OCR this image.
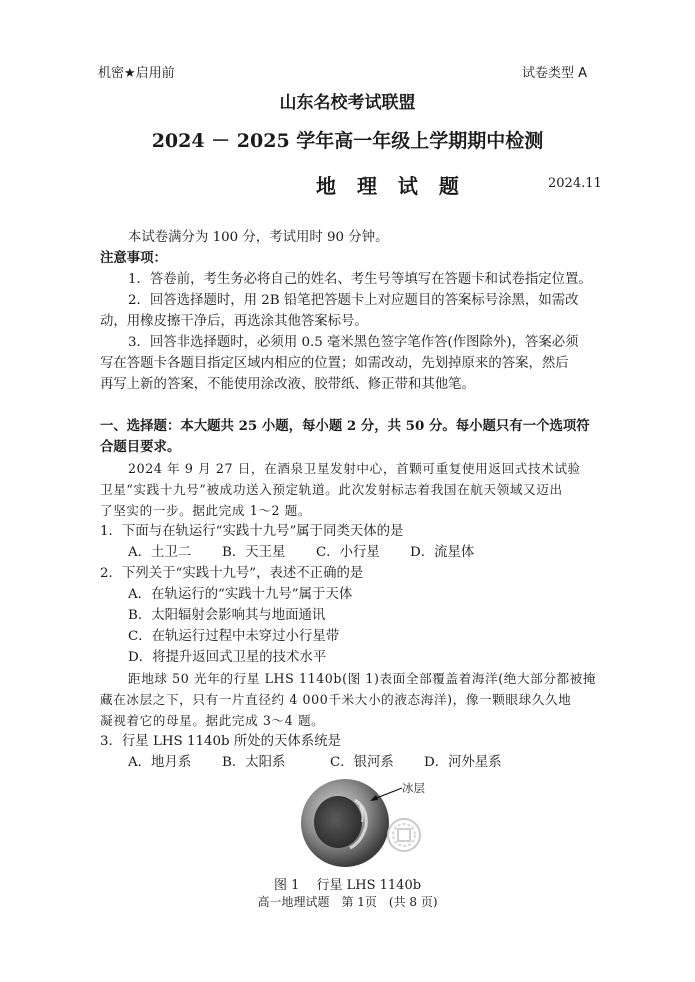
机密★启用前	试卷类型 A
山东名校考试联盟
2024 － 2025 学年高一年级上学期期中检测
地 理 试 题	2024.11
本试卷满分为 100 分，考试用时 90 分钟。
注意事项：
1．答卷前，考生务必将自己的姓名、考生号等填写在答题卡和试卷指定位置。
2．回答选择题时，用 2B 铅笔把答题卡上对应题目的答案标号涂黑，如需改
动，用橡皮擦干净后，再选涂其他答案标号。
3．回答非选择题时，必须用 0.5 毫米黑色签字笔作答(作图除外)，答案必须
写在答题卡各题目指定区域内相应的位置；如需改动，先划掉原来的答案，然后
再写上新的答案，不能使用涂改液、胶带纸、修正带和其他笔。
一、选择题：本大题共 25 小题，每小题 2 分，共 50 分。每小题只有一个选项符
合题目要求。
2024 年 9 月 27 日，在酒泉卫星发射中心，首颗可重复使用返回式技术试验
卫星“实践十九号”被成功送入预定轨道。此次发射标志着我国在航天领域又迈出
了坚实的一步。据此完成 1～2 题。
1．下面与在轨运行“实践十九号”属于同类天体的是
A．土卫二 B．天王星 C．小行星 D．流星体
2．下列关于“实践十九号”，表述不正确的是
A．在轨运行的“实践十九号”属于天体
B．太阳辐射会影响其与地面通讯
C．在轨运行过程中未穿过小行星带
D．将提升返回式卫星的技术水平
距地球 50 光年的行星 LHS 1140b(图 1)表面全部覆盖着海洋(绝大部分都被掩
藏在冰层之下，只有一片直径约 4 000千米大小的液态海洋)，像一颗眼球久久地
凝视着它的母星。据此完成 3～4 题。
3．行星 LHS 1140b 所处的天体系统是
A．地月系 B．太阳系	C．银河系 D．河外星系
冰层
图 1　 行星 LHS 1140b
高一地理试题　第 1页　(共 8 页)
